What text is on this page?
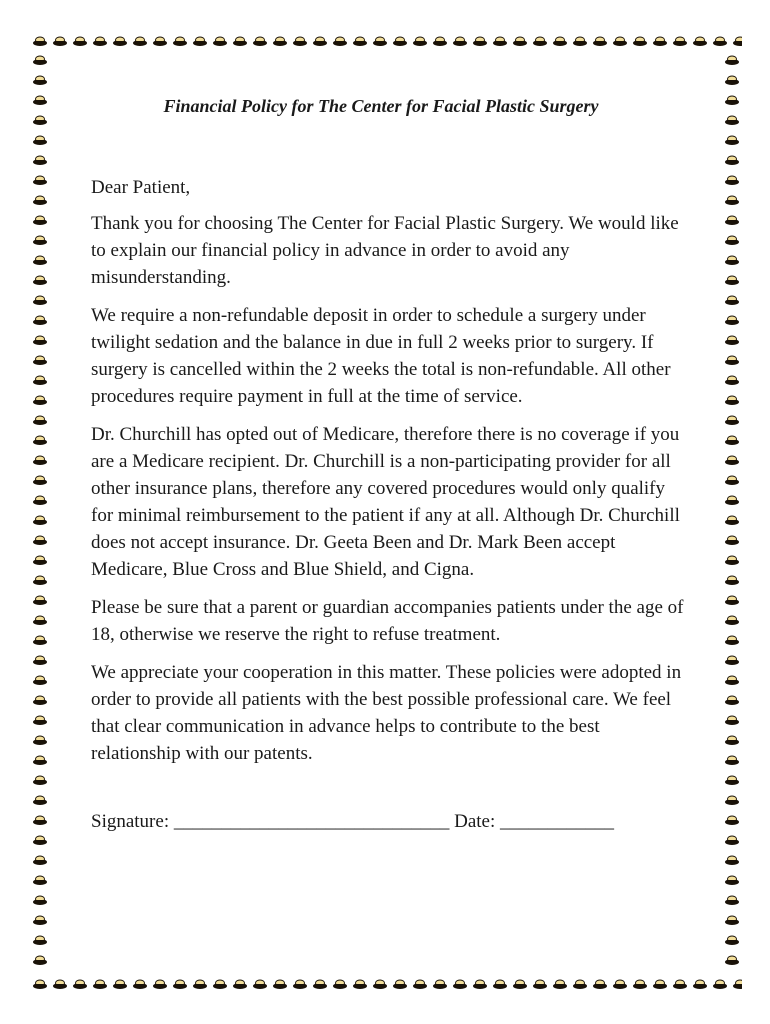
Financial Policy for The Center for Facial Plastic Surgery
Dear Patient,
Thank you for choosing The Center for Facial Plastic Surgery. We would like to explain our financial policy in advance in order to avoid any misunderstanding.
We require a non-refundable deposit in order to schedule a surgery under twilight sedation and the balance in due in full 2 weeks prior to surgery. If surgery is cancelled within the 2 weeks the total is non-refundable. All other procedures require payment in full at the time of service.
Dr. Churchill has opted out of Medicare, therefore there is no coverage if you are a Medicare recipient. Dr. Churchill is a non-participating provider for all other insurance plans, therefore any covered procedures would only qualify for minimal reimbursement to the patient if any at all. Although Dr. Churchill does not accept insurance. Dr. Geeta Been and Dr. Mark Been accept Medicare, Blue Cross and Blue Shield, and Cigna.
Please be sure that a parent or guardian accompanies patients under the age of 18, otherwise we reserve the right to refuse treatment.
We appreciate your cooperation in this matter. These policies were adopted in order to provide all patients with the best possible professional care. We feel that clear communication in advance helps to contribute to the best relationship with our patents.
Signature: _____________________________ Date: ____________
